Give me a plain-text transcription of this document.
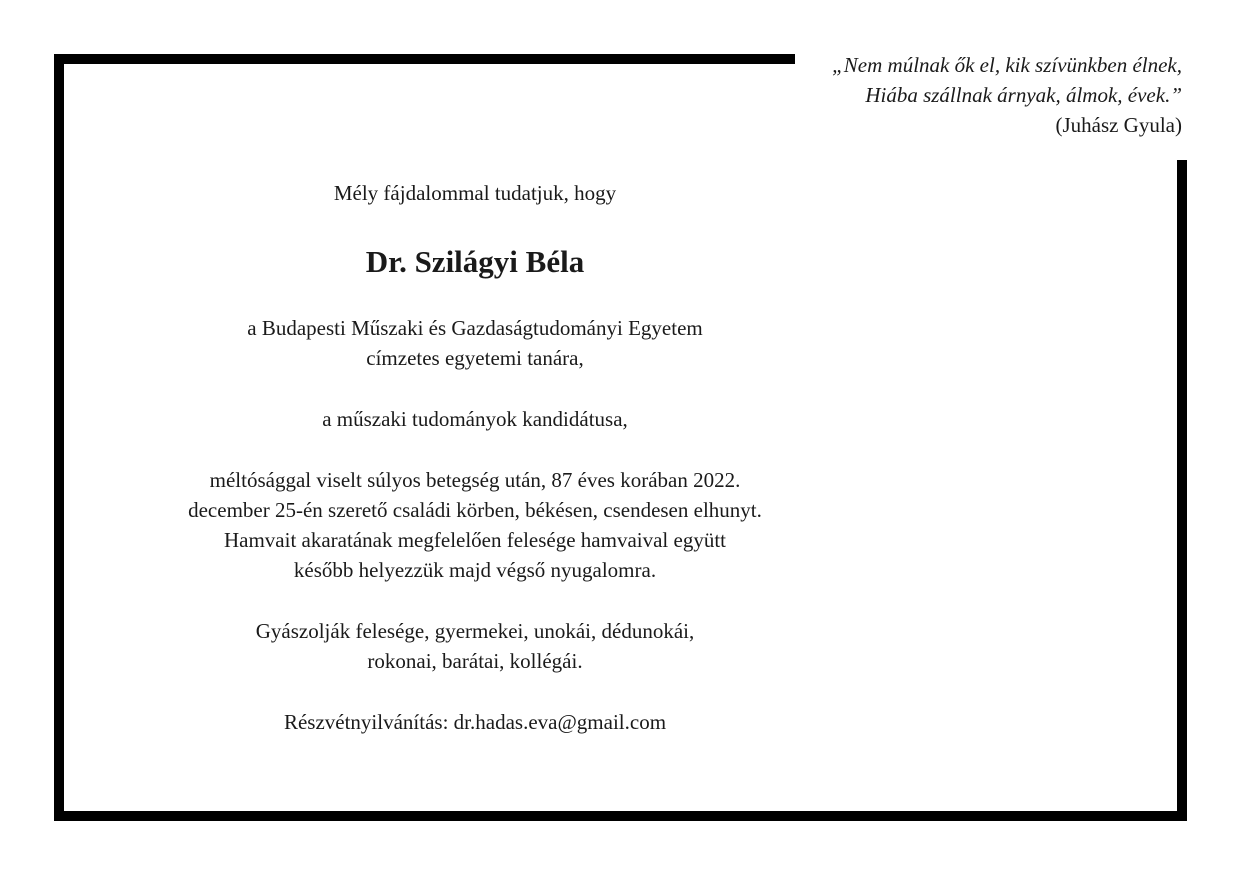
„Nem múlnak ők el, kik szívünkben élnek,
Hiába szállnak árnyak, álmok, évek.”
(Juhász Gyula)

Mély fájdalommal tudatjuk, hogy

Dr. Szilágyi Béla

a Budapesti Műszaki és Gazdaságtudományi Egyetem
címzetes egyetemi tanára,

a műszaki tudományok kandidátusa,

méltósággal viselt súlyos betegség után, 87 éves korában 2022.
december 25-én szerető családi körben, békésen, csendesen elhunyt.
Hamvait akaratának megfelelően felesége hamvaival együtt
később helyezzük majd végső nyugalomra.

Gyászolják felesége, gyermekei, unokái, dédunokái,
rokonai, barátai, kollégái.

Részvétnyilvánítás: dr.hadas.eva@gmail.com
